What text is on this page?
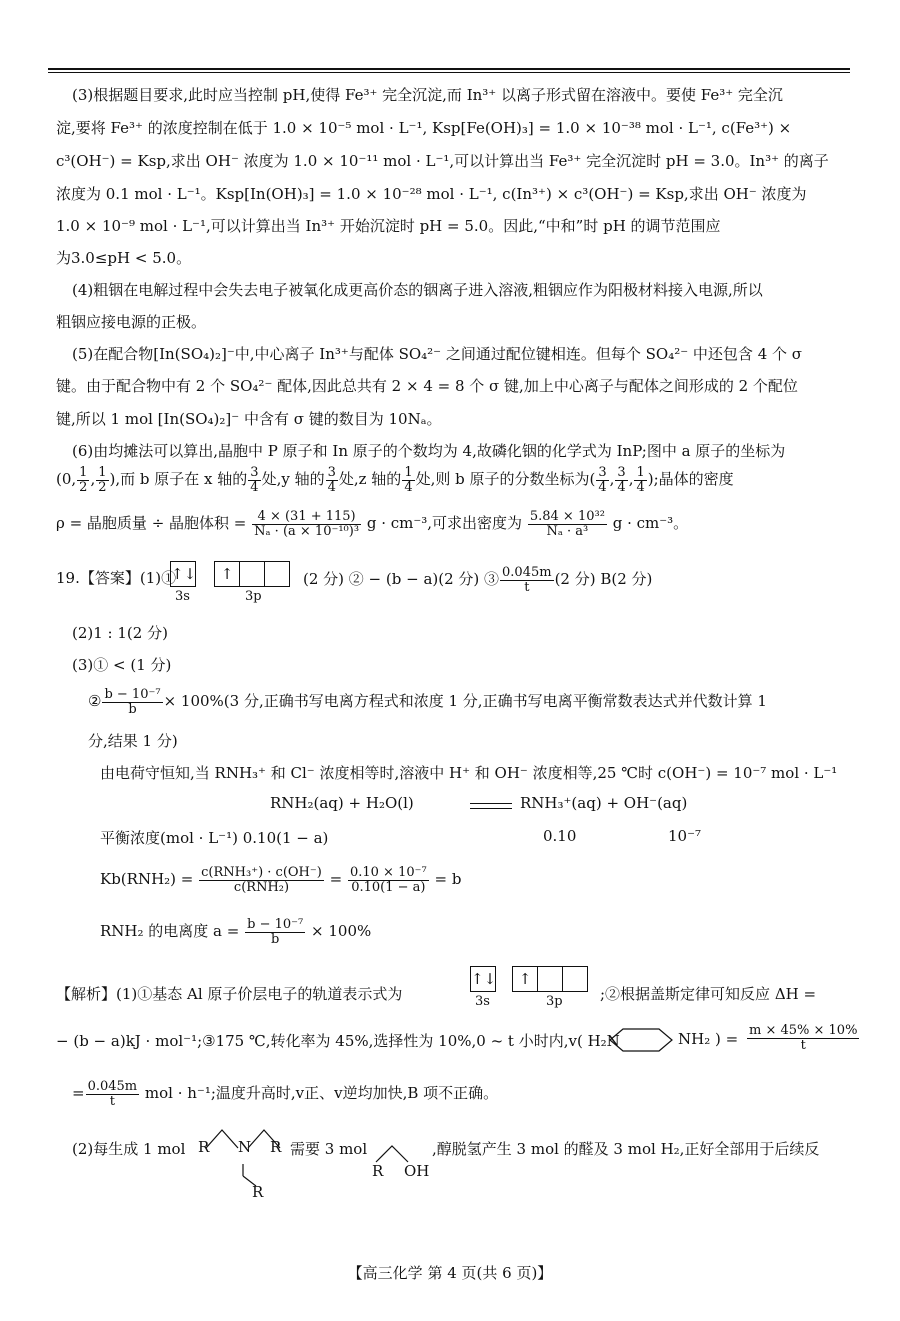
(3)根据题目要求,此时应当控制 pH,使得 Fe³⁺ 完全沉淀,而 In³⁺ 以离子形式留在溶液中。要使 Fe³⁺ 完全沉
淀,要将 Fe³⁺ 的浓度控制在低于 1.0 × 10⁻⁵ mol · L⁻¹, Ksp[Fe(OH)₃] = 1.0 × 10⁻³⁸ mol · L⁻¹, c(Fe³⁺) ×
c³(OH⁻) = Ksp,求出 OH⁻ 浓度为 1.0 × 10⁻¹¹ mol · L⁻¹,可以计算出当 Fe³⁺ 完全沉淀时 pH = 3.0。In³⁺ 的离子
浓度为 0.1 mol · L⁻¹。Ksp[In(OH)₃] = 1.0 × 10⁻²⁸ mol · L⁻¹, c(In³⁺) × c³(OH⁻) = Ksp,求出 OH⁻ 浓度为
1.0 × 10⁻⁹ mol · L⁻¹,可以计算出当 In³⁺ 开始沉淀时 pH = 5.0。因此,“中和”时 pH 的调节范围应
为3.0≤pH < 5.0。
(4)粗铟在电解过程中会失去电子被氧化成更高价态的铟离子进入溶液,粗铟应作为阳极材料接入电源,所以
粗铟应接电源的正极。
(5)在配合物[In(SO₄)₂]⁻中,中心离子 In³⁺与配体 SO₄²⁻ 之间通过配位键相连。但每个 SO₄²⁻ 中还包含 4 个 σ
键。由于配合物中有 2 个 SO₄²⁻ 配体,因此总共有 2 × 4 = 8 个 σ 键,加上中心离子与配体之间形成的 2 个配位
键,所以 1 mol [In(SO₄)₂]⁻ 中含有 σ 键的数目为 10Nₐ。
(6)由均摊法可以算出,晶胞中 P 原子和 In 原子的个数均为 4,故磷化铟的化学式为 InP;图中 a 原子的坐标为
(0, $\frac{1}{2}$ , $\frac{1}{2}$ ),而 b 原子在 x 轴的 $\frac{3}{4}$ 处,y 轴的 $\frac{3}{4}$ 处,z 轴的 $\frac{1}{4}$ 处,则 b 原子的分数坐标为( $\frac{3}{4}$ , $\frac{3}{4}$ , $\frac{1}{4}$ );晶体的密度
ρ = 晶胞质量 ÷ 晶胞体积 = $\frac{4 \times (31 + 115)}{\text{Nₐ · (a × 10⁻¹⁰)³}}$ g · cm⁻³,可求出密度为 $\frac{\text{5.84 × 10³²}}{\text{Nₐ · a³}}$ g · cm⁻³。
19.【答案】(1)①
↑↓
3s
↑
3p
(2 分) ② − (b − a)(2 分) ③ $\frac{0.045m}{t} (2$ 分) B(2 分)
(2)1 : 1(2 分)
(3)① < (1 分)
② $\frac{\text{b − 10⁻⁷}}{b} \times 100\%(3$ 分,正确书写电离方程式和浓度 1 分,正确书写电离平衡常数表达式并代数计算 1
分,结果 1 分)
由电荷守恒知,当 RNH₃⁺ 和 Cl⁻ 浓度相等时,溶液中 H⁺ 和 OH⁻ 浓度相等,25 ℃时 c(OH⁻) = 10⁻⁷ mol · L⁻¹
RNH₂(aq) + H₂O(l)	RNH₃⁺(aq) + OH⁻(aq)
平衡浓度(mol · L⁻¹) 0.10(1 − a)	0.10	10⁻⁷
$Kb(RNH_2) = \frac{\text{c(RNH₃⁺) · c(OH⁻)}}{\text{c(RNH₂)}} = \frac{\text{0.10 × 10⁻⁷}}{0.10(1 - a)} = b$
RNH₂ 的电离度 $a = \frac{\text{b − 10⁻⁷}}{b} \times 100\%$
【解析】(1)①基态 Al 原子价层电子的轨道表示式为
↑↓
3s
↑
3p ;②根据盖斯定律可知反应 ΔH =
− (b − a)kJ · mol⁻¹;③175 ℃,转化率为 45%,选择性为 10%,0 ~ t 小时内,v( H₂N	NH₂ ) = $\frac{m \times 45\% \times 10\%}{t}$
= $\frac{0.045m}{t}$ mol · h⁻¹;温度升高时,v正、v逆均加快,B 项不正确。
(2)每生成 1 mol R N R
R
需要 3 mol
R OH
,醇脱氢产生 3 mol 的醛及 3 mol H₂,正好全部用于后续反
【高三化学 第 4 页(共 6 页)】
